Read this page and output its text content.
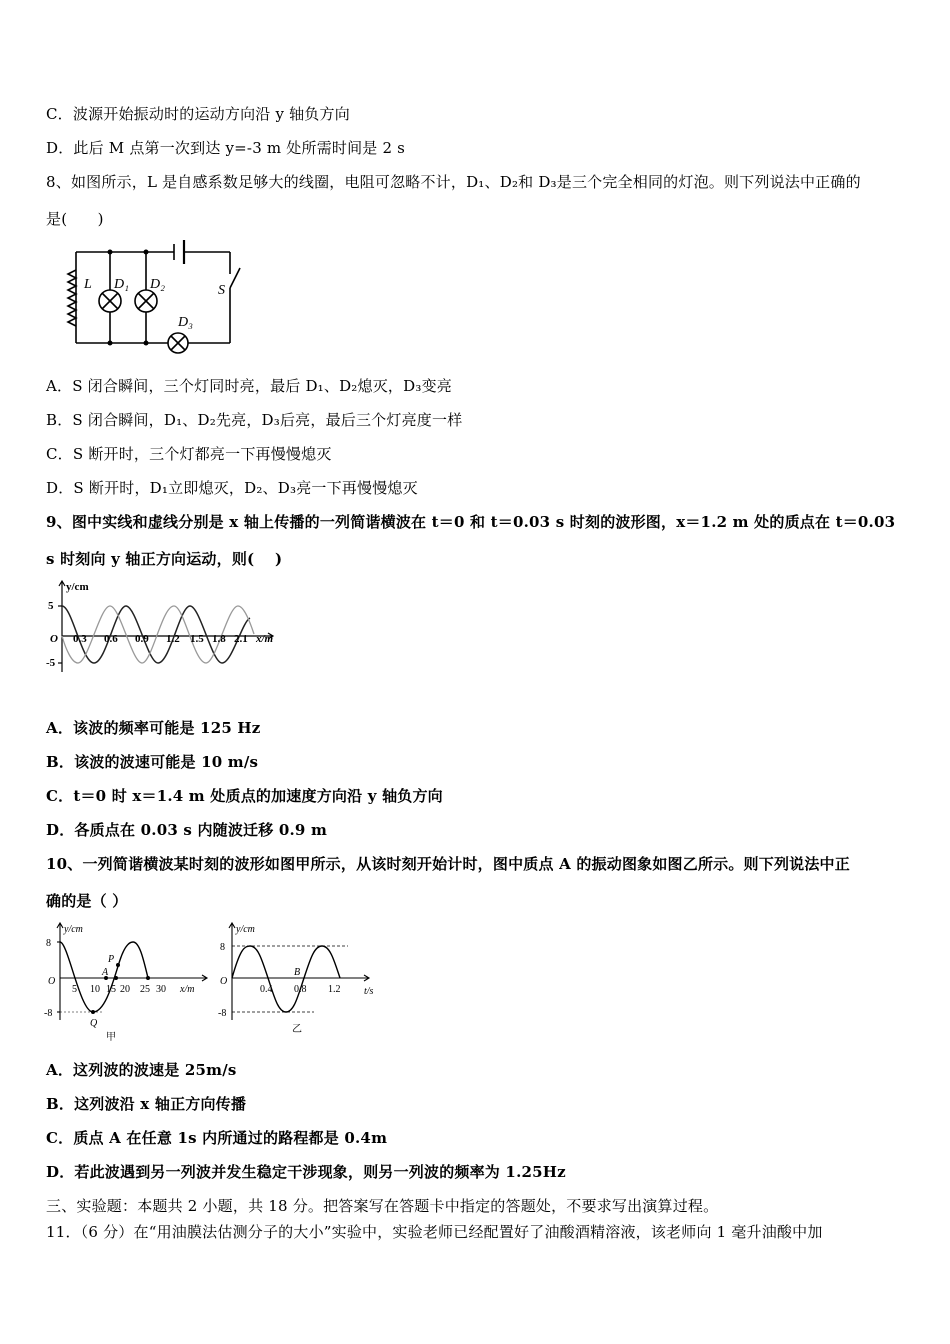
C．波源开始振动时的运动方向沿 y 轴负方向
D．此后 M 点第一次到达 y=-3 m 处所需时间是 2 s
8、如图所示，L 是自感系数足够大的线圈，电阻可忽略不计，D₁、D₂和 D₃是三个完全相同的灯泡。则下列说法中正确的
是(　　)
L D₁ D₂
D₃
S
A．S 闭合瞬间，三个灯同时亮，最后 D₁、D₂熄灭，D₃变亮
B．S 闭合瞬间，D₁、D₂先亮，D₃后亮，最后三个灯亮度一样
C．S 断开时，三个灯都亮一下再慢慢熄灭
D．S 断开时，D₁立即熄灭，D₂、D₃亮一下再慢慢熄灭
9、图中实线和虚线分别是 x 轴上传播的一列简谐横波在 t＝0 和 t＝0.03 s 时刻的波形图，x＝1.2 m 处的质点在 t＝0.03
s 时刻向 y 轴正方向运动，则(　 )
y/cm
5
-5
O 0.3 0.6 0.9 1.2 1.5 1.8 2.1 x/m
A．该波的频率可能是 125 Hz
B．该波的波速可能是 10 m/s
C．t＝0 时 x＝1.4 m 处质点的加速度方向沿 y 轴负方向
D．各质点在 0.03 s 内随波迁移 0.9 m
10、一列简谐横波某时刻的波形如图甲所示，从该时刻开始计时，图中质点 A 的振动图象如图乙所示。则下列说法中正
确的是（ ）
y/cm
8
-8
O
5 10 15 20 25 30 x/m
A
P
Q
甲
y/cm
8
-8
O
0.4 0.8 1.2 t/s
B
乙
A．这列波的波速是 25m/s
B．这列波沿 x 轴正方向传播
C．质点 A 在任意 1s 内所通过的路程都是 0.4m
D．若此波遇到另一列波并发生稳定干涉现象，则另一列波的频率为 1.25Hz
三、实验题：本题共 2 小题，共 18 分。把答案写在答题卡中指定的答题处，不要求写出演算过程。
11．（6 分）在“用油膜法估测分子的大小”实验中，实验老师已经配置好了油酸酒精溶液，该老师向 1 毫升油酸中加
